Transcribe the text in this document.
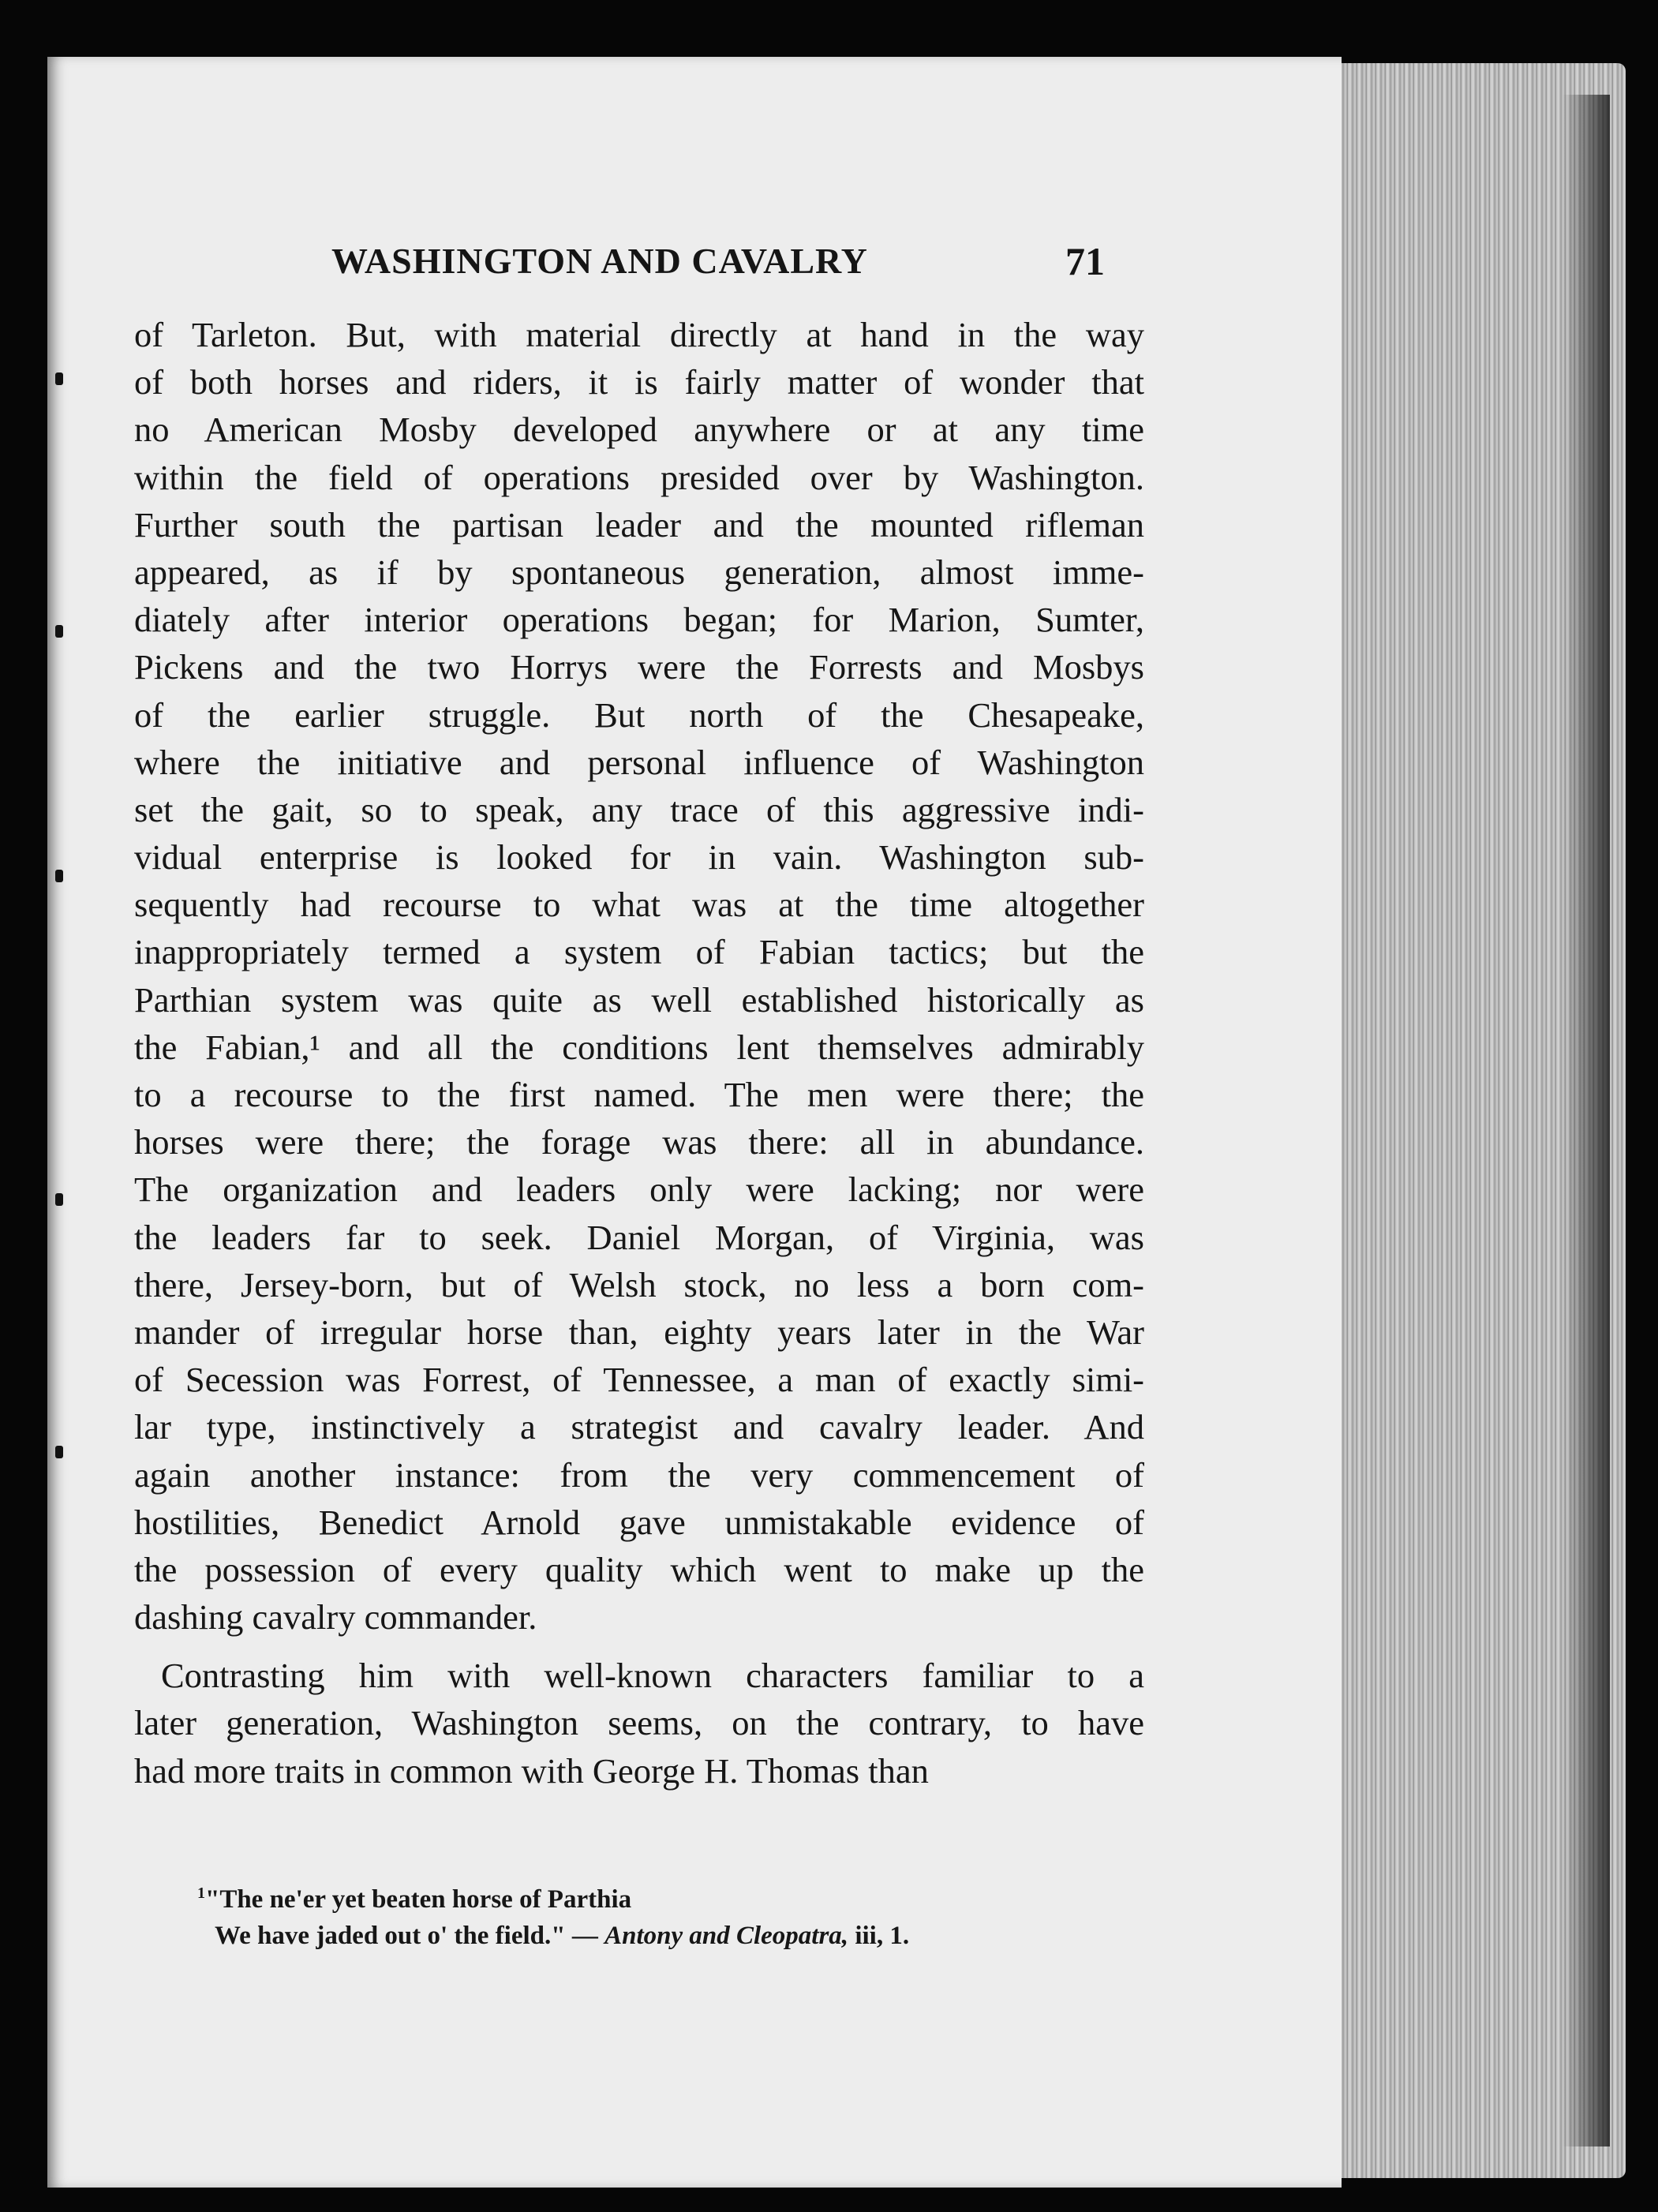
WASHINGTON AND CAVALRY	71
of Tarleton. But, with material directly at hand in the way
of both horses and riders, it is fairly matter of wonder that
no American Mosby developed anywhere or at any time
within the field of operations presided over by Washington.
Further south the partisan leader and the mounted rifleman
appeared, as if by spontaneous generation, almost imme-
diately after interior operations began; for Marion, Sumter,
Pickens and the two Horrys were the Forrests and Mosbys
of the earlier struggle. But north of the Chesapeake,
where the initiative and personal influence of Washington
set the gait, so to speak, any trace of this aggressive indi-
vidual enterprise is looked for in vain. Washington sub-
sequently had recourse to what was at the time altogether
inappropriately termed a system of Fabian tactics; but the
Parthian system was quite as well established historically as
the Fabian,¹ and all the conditions lent themselves admirably
to a recourse to the first named. The men were there; the
horses were there; the forage was there: all in abundance.
The organization and leaders only were lacking; nor were
the leaders far to seek. Daniel Morgan, of Virginia, was
there, Jersey-born, but of Welsh stock, no less a born com-
mander of irregular horse than, eighty years later in the War
of Secession was Forrest, of Tennessee, a man of exactly simi-
lar type, instinctively a strategist and cavalry leader. And
again another instance: from the very commencement of
hostilities, Benedict Arnold gave unmistakable evidence of
the possession of every quality which went to make up the
dashing cavalry commander.
Contrasting him with well-known characters familiar to a
later generation, Washington seems, on the contrary, to have
had more traits in common with George H. Thomas than
$^1$"The ne'er yet beaten horse of Parthia
We have jaded out o' the field." — Antony and Cleopatra, iii, 1.
